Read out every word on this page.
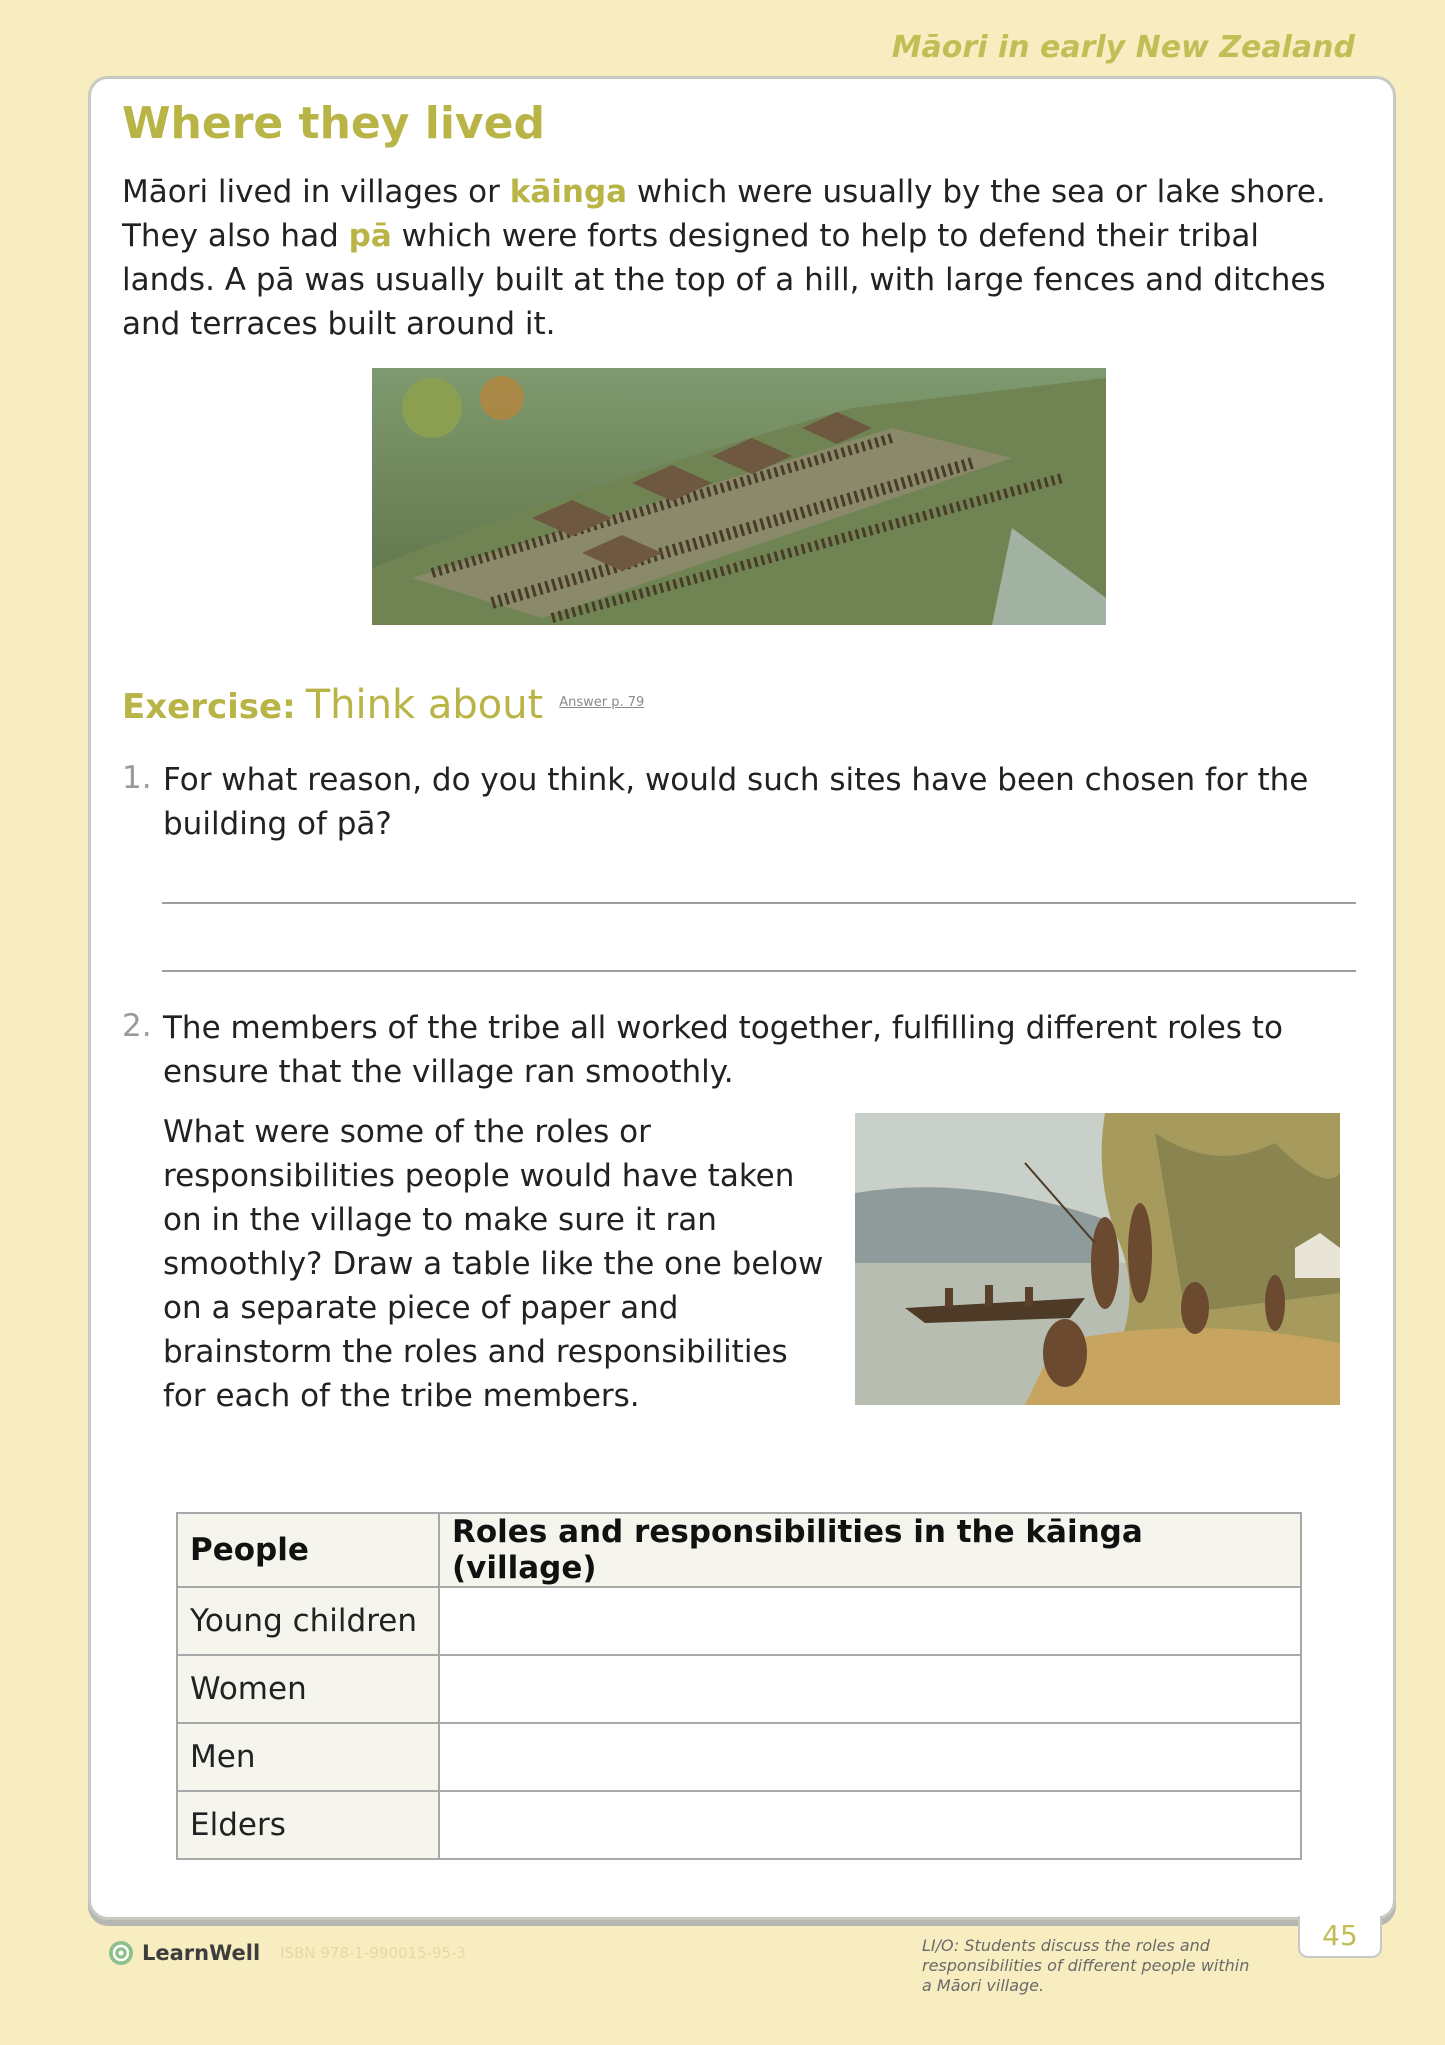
Māori in early New Zealand
Where they lived

Māori lived in villages or kāinga which were usually by the sea or lake shore. They also had pā which were forts designed to help to defend their tribal lands. A pā was usually built at the top of a hill, with large fences and ditches and terraces built around it.

Exercise: Think about Answer p. 79
1. For what reason, do you think, would such sites have been chosen for the building of pā?

2. The members of the tribe all worked together, fulfilling different roles to ensure that the village ran smoothly.

What were some of the roles or responsibilities people would have taken on in the village to make sure it ran smoothly? Draw a table like the one below on a separate piece of paper and brainstorm the roles and responsibilities for each of the tribe members.

People	Roles and responsibilities in the kāinga (village)
Young children	
Women	
Men	
Elders	
LearnWell ISBN 978-1-990015-95-3	LI/O: Students discuss the roles and responsibilities of different people within a Māori village.

45
